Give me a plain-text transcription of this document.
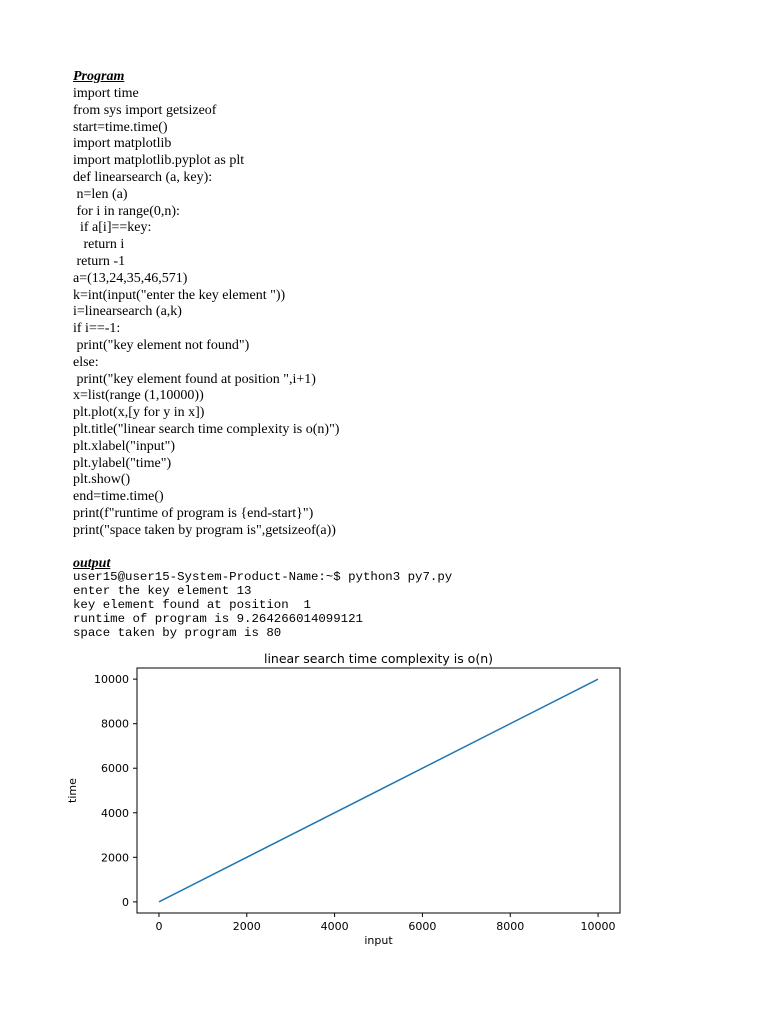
Program
import time
from sys import getsizeof
start=time.time()
import matplotlib
import matplotlib.pyplot as plt
def linearsearch (a, key):
n=len (a)
for i in range(0,n):
if a[i]==key:
return i
return -1
a=(13,24,35,46,571)
k=int(input("enter the key element "))
i=linearsearch (a,k)
if i==-1:
print("key element not found")
else:
print("key element found at position ",i+1)
x=list(range (1,10000))
plt.plot(x,[y for y in x])
plt.title("linear search time complexity is o(n)")
plt.xlabel("input")
plt.ylabel("time")
plt.show()
end=time.time()
print(f"runtime of program is {end-start}")
print("space taken by program is",getsizeof(a))
output
user15@user15-System-Product-Name:~$ python3 py7.py
enter the key element 13
key element found at position  1
runtime of program is 9.264266014099121
space taken by program is 80
linear search time complexity is o(n)
0	2000	4000	6000	8000	10000
0
2000
4000
6000
8000
10000
input
time
